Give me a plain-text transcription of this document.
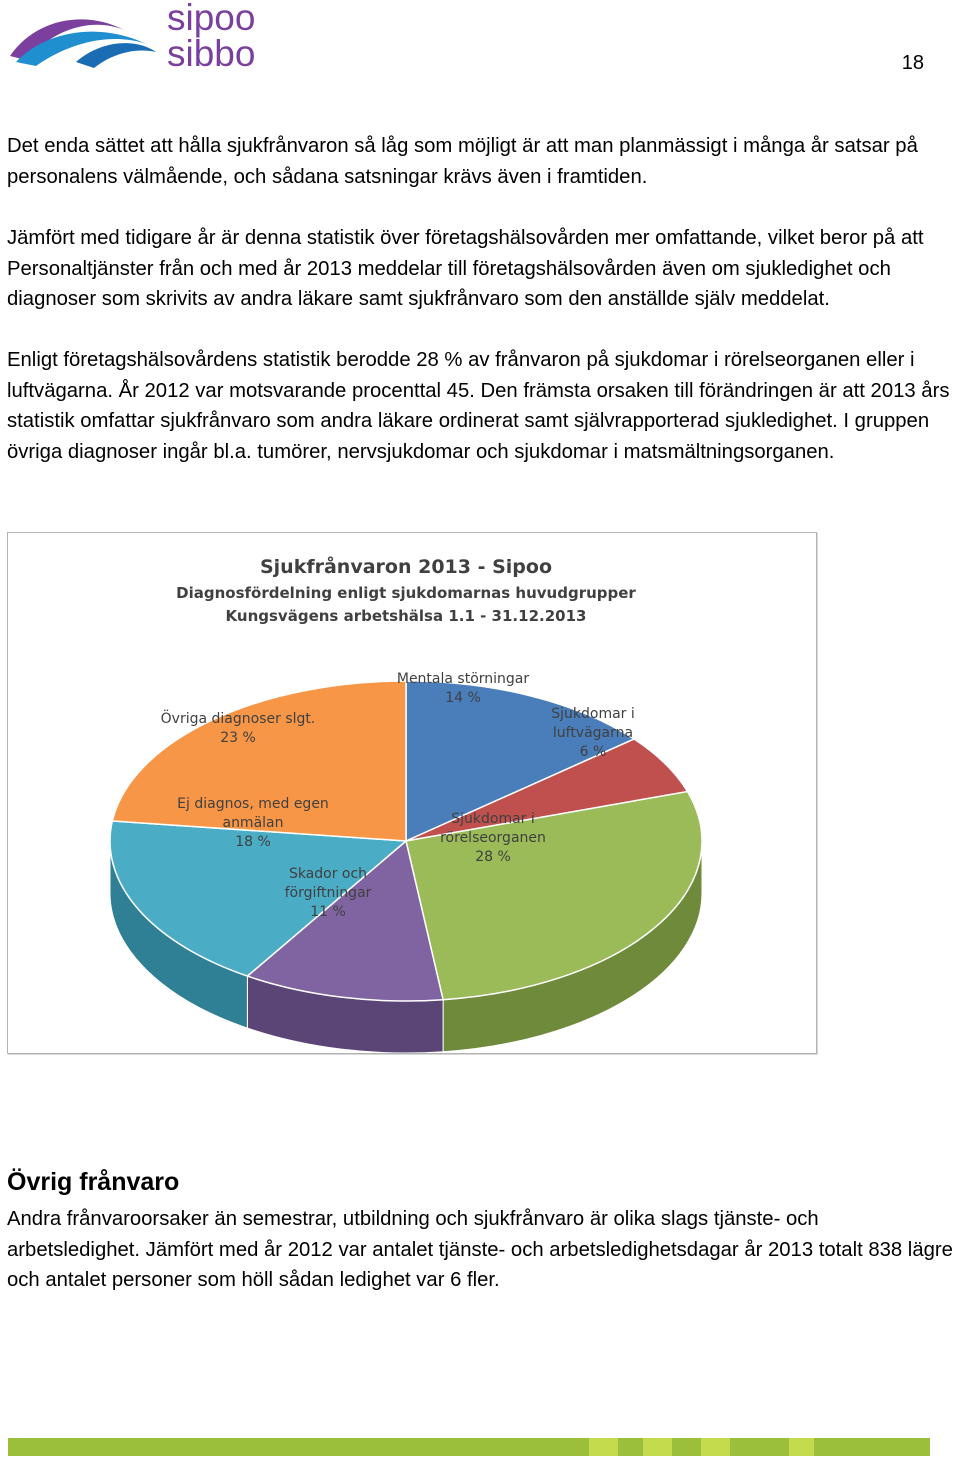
sipoo
sibbo	18

Det enda sättet att hålla sjukfrånvaron så låg som möjligt är att man planmässigt i många år satsar på personalens välmående, och sådana satsningar krävs även i framtiden.

Jämfört med tidigare år är denna statistik över företagshälsovården mer omfattande, vilket beror på att Personaltjänster från och med år 2013 meddelar till företagshälsovården även om sjukledighet och diagnoser som skrivits av andra läkare samt sjukfrånvaro som den anställde själv meddelat.

Enligt företagshälsovårdens statistik berodde 28 % av frånvaron på sjukdomar i rörelseorganen eller i luftvägarna. År 2012 var motsvarande procenttal 45. Den främsta orsaken till förändringen är att 2013 års statistik omfattar sjukfrånvaro som andra läkare ordinerat samt självrapporterad sjukledighet. I gruppen övriga diagnoser ingår bl.a. tumörer, nervsjukdomar och sjukdomar i matsmältningsorganen.

Sjukfrånvaron 2013 - Sipoo
Diagnosfördelning enligt sjukdomarnas huvudgrupper
Kungsvägens arbetshälsa 1.1 - 31.12.2013
Mentala störningar 14 %
Sjukdomar i luftvägarna 6 %
Sjukdomar i rörelseorganen 28 %
Skador och förgiftningar 11 %
Ej diagnos, med egen anmälan 18 %
Övriga diagnoser slgt. 23 %
Övrig frånvaro

Andra frånvaroorsaker än semestrar, utbildning och sjukfrånvaro är olika slags tjänste- och arbetsledighet. Jämfört med år 2012 var antalet tjänste- och arbetsledighetsdagar år 2013 totalt 838 lägre och antalet personer som höll sådan ledighet var 6 fler.
